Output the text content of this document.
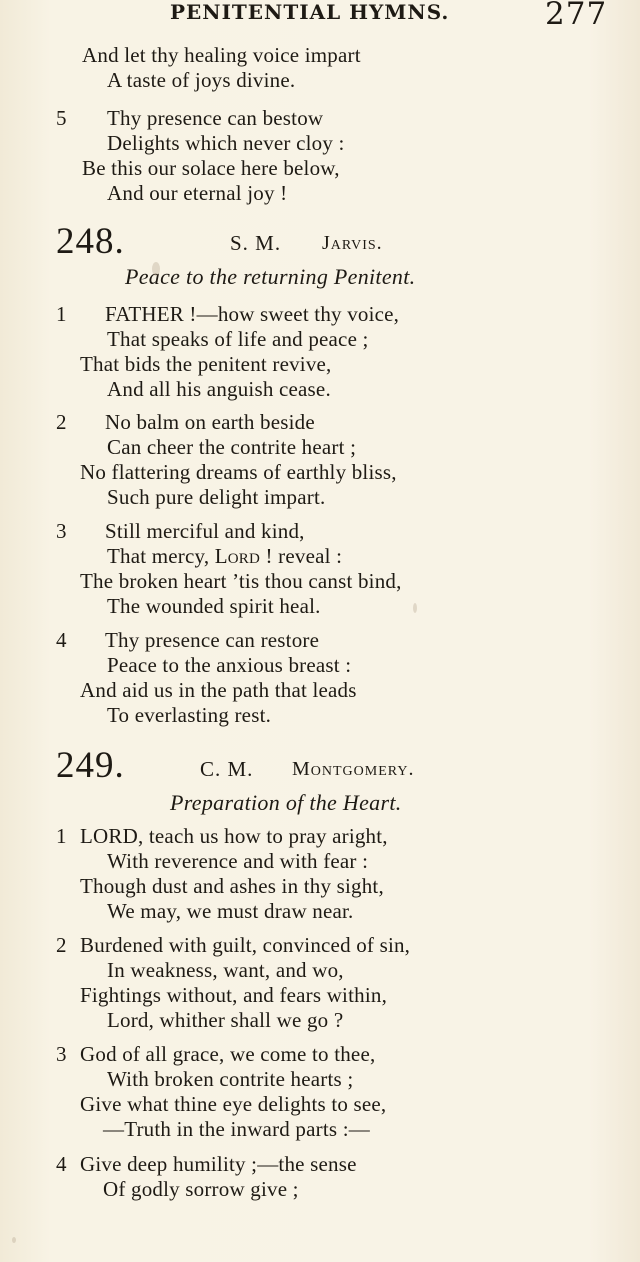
PENITENTIAL HYMNS.	277
And let thy healing voice impart
A taste of joys divine.
5 Thy presence can bestow
Delights which never cloy :
Be this our solace here below,
And our eternal joy !
248.	S. M. Jarvis.
Peace to the returning Penitent.
1 FATHER !—how sweet thy voice,
That speaks of life and peace ;
That bids the penitent revive,
And all his anguish cease.
2 No balm on earth beside
Can cheer the contrite heart ;
No flattering dreams of earthly bliss,
Such pure delight impart.
3 Still merciful and kind,
That mercy, Lord ! reveal :
The broken heart ’tis thou canst bind,
The wounded spirit heal.
4 Thy presence can restore
Peace to the anxious breast :
And aid us in the path that leads
To everlasting rest.
249.	C. M. Montgomery.
Preparation of the Heart.
1 LORD, teach us how to pray aright,
With reverence and with fear :
Though dust and ashes in thy sight,
We may, we must draw near.
2 Burdened with guilt, convinced of sin,
In weakness, want, and wo,
Fightings without, and fears within,
Lord, whither shall we go ?
3 God of all grace, we come to thee,
With broken contrite hearts ;
Give what thine eye delights to see,
—Truth in the inward parts :—
4 Give deep humility ;—the sense
Of godly sorrow give ;
